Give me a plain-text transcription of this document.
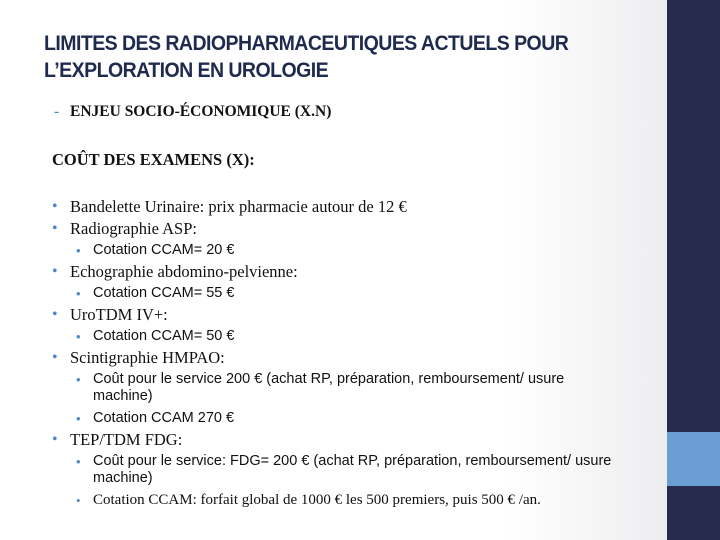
LIMITES DES RADIOPHARMACEUTIQUES ACTUELS POUR
L’EXPLORATION EN UROLOGIE
- ENJEU SOCIO-ÉCONOMIQUE (X.N)
COÛT DES EXAMENS (X):
• Bandelette Urinaire: prix pharmacie autour de 12 €
• Radiographie ASP:
• Cotation CCAM= 20 €
• Echographie abdomino-pelvienne:
• Cotation CCAM= 55 €
• UroTDM IV+:
• Cotation CCAM= 50 €
• Scintigraphie HMPAO:
• Coût pour le service 200 € (achat RP, préparation, remboursement/ usure machine)
• Cotation CCAM 270 €
• TEP/TDM FDG:
• Coût pour le service: FDG= 200 € (achat RP, préparation, remboursement/ usure machine)
• Cotation CCAM: forfait global de 1000 € les 500 premiers, puis 500 € /an.
